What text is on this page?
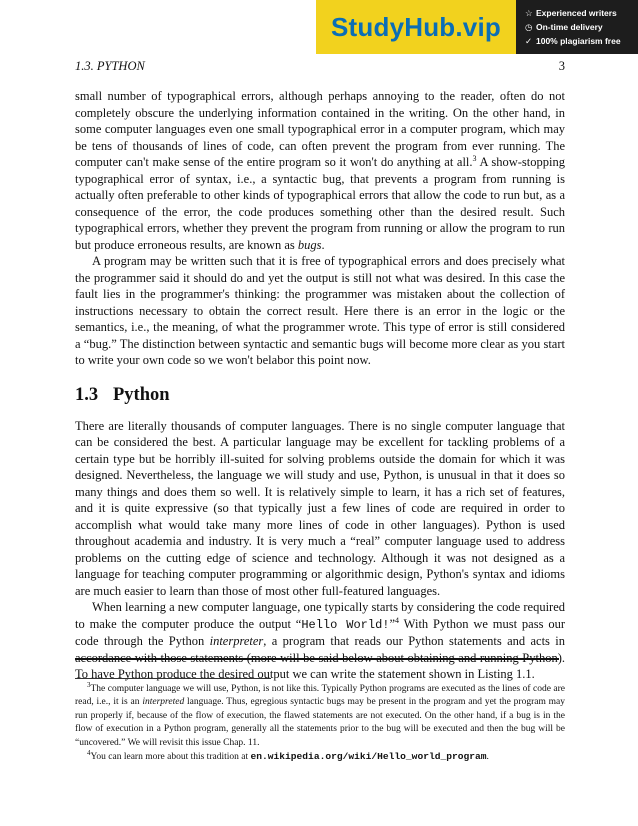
StudyHub.vip	☆ Experienced writers
◷ On-time delivery
✓ 100% plagiarism free
1.3. PYTHON	3

small number of typographical errors, although perhaps annoying to the reader, often do not completely obscure the underlying information contained in the writing. On the other hand, in some computer languages even one small typographical error in a computer program, which may be tens of thousands of lines of code, can often prevent the program from ever running. The computer can't make sense of the entire program so it won't do anything at all.$^3$ A show-stopping typographical error of syntax, i.e., a syntactic bug, that prevents a program from running is actually often preferable to other kinds of typographical errors that allow the code to run but, as a consequence of the error, the code produces something other than the desired result. Such typographical errors, whether they prevent the program from running or allow the program to run but produce erroneous results, are known as bugs.

A program may be written such that it is free of typographical errors and does precisely what the programmer said it should do and yet the output is still not what was desired. In this case the fault lies in the programmer's thinking: the programmer was mistaken about the collection of instructions necessary to obtain the correct result. Here there is an error in the logic or the semantics, i.e., the meaning, of what the programmer wrote. This type of error is still considered a “bug.” The distinction between syntactic and semantic bugs will become more clear as you start to write your own code so we won't belabor this point now.

1.3 Python

There are literally thousands of computer languages. There is no single computer language that can be considered the best. A particular language may be excellent for tackling problems of a certain type but be horribly ill-suited for solving problems outside the domain for which it was designed. Nevertheless, the language we will study and use, Python, is unusual in that it does so many things and does them so well. It is relatively simple to learn, it has a rich set of features, and it is quite expressive (so that typically just a few lines of code are required in order to accomplish what would take many more lines of code in other languages). Python is used throughout academia and industry. It is very much a “real” computer language used to address problems on the cutting edge of science and technology. Although it was not designed as a language for teaching computer programming or algorithmic design, Python's syntax and idioms are much easier to learn than those of most other full-featured languages.

When learning a new computer language, one typically starts by considering the code required to make the computer produce the output “Hello World!”$^4$ With Python we must pass our code through the Python interpreter, a program that reads our Python statements and acts in accordance with those statements (more will be said below about obtaining and running Python). To have Python produce the desired output we can write the statement shown in Listing 1.1.

$^3$The computer language we will use, Python, is not like this. Typically Python programs are executed as the lines of code are read, i.e., it is an interpreted language. Thus, egregious syntactic bugs may be present in the program and yet the program may run properly if, because of the flow of execution, the flawed statements are not executed. On the other hand, if a bug is in the flow of execution in a Python program, generally all the statements prior to the bug will be executed and then the bug will be “uncovered.” We will revisit this issue Chap. 11.

$^4$You can learn more about this tradition at en.wikipedia.org/wiki/Hello_world_program.
